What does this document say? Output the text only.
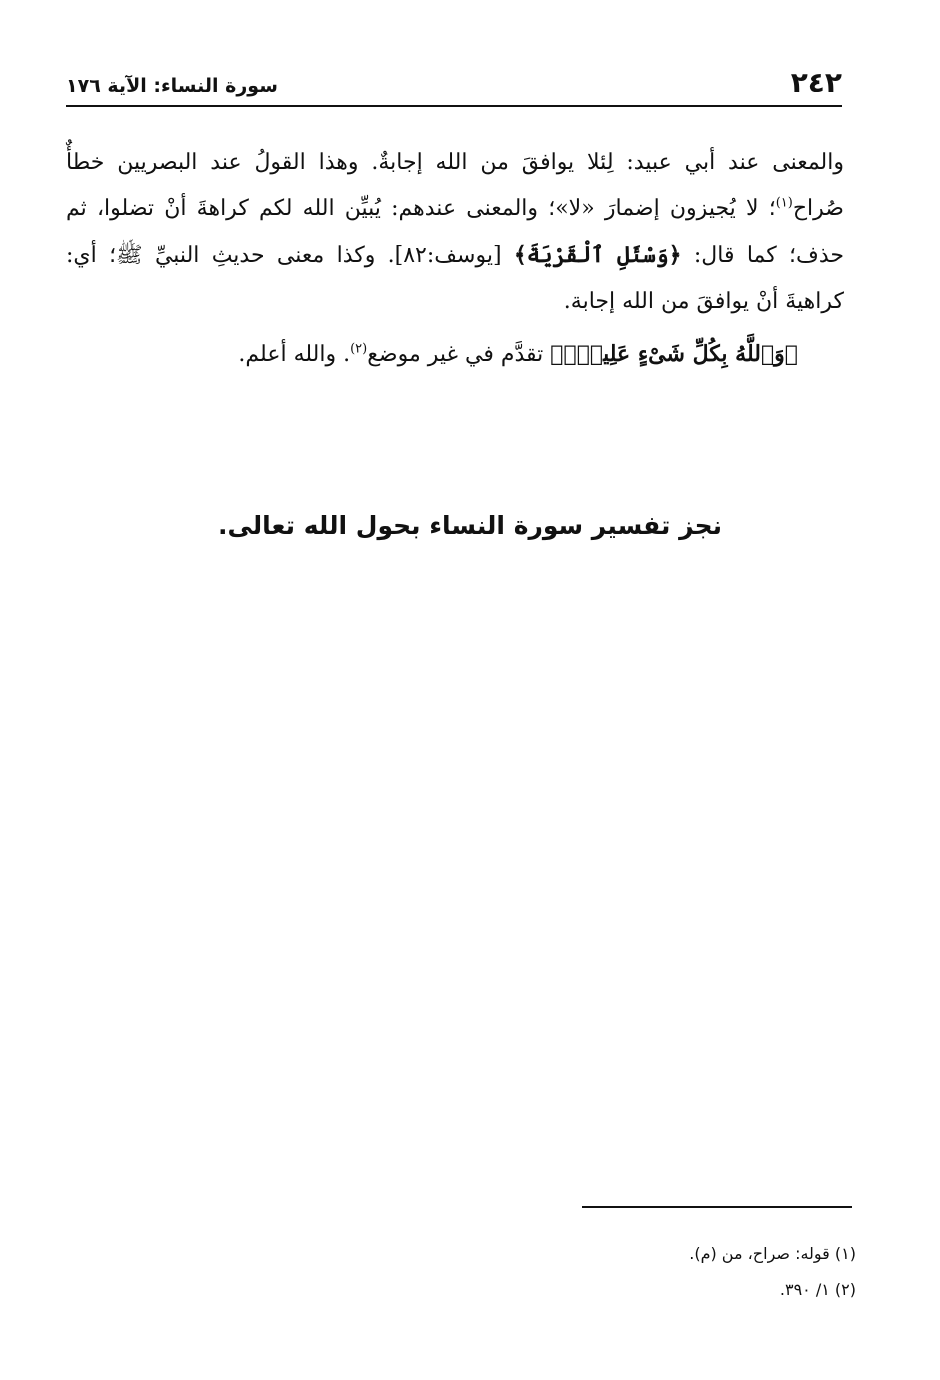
٢٤٢
سورة النساء: الآية ١٧٦

والمعنى عند أبي عبيد: لِئلا يوافقَ من الله إجابةٌ. وهذا القولُ عند البصريين خطأٌ صُراح$^{(١)}$؛ لا يُجيزون إضمارَ «لا»؛ والمعنى عندهم: يُبيِّن الله لكم كراهةَ أنْ تضلوا، ثم حذف؛ كما قال: ﴿وَسْئَلِ ٱلْقَرْيَةَ﴾ [يوسف:٨٢]. وكذا معنى حديثِ النبيِّ ﷺ؛ أي: كراهيةَ أنْ يوافقَ من الله إجابة.

﴿وَٱللَّهُ بِكُلِّ شَىْءٍ عَلِيمٌۢ﴾ تقدَّم في غير موضع$^{(٢)}$. والله أعلم.

نجز تفسير سورة النساء بحول الله تعالى.
(١) قوله: صراح، من (م).
(٢) ١/ ٣٩٠.
